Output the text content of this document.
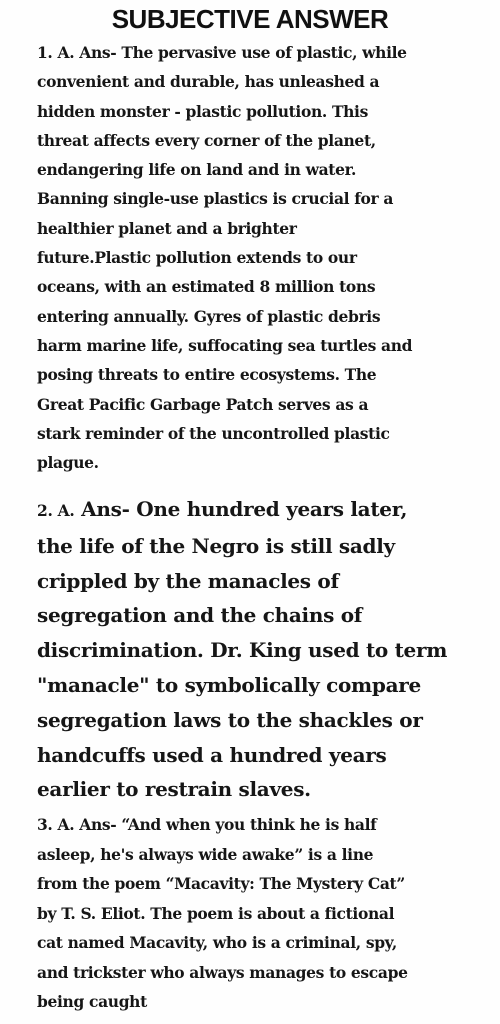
SUBJECTIVE ANSWER
1. A. Ans- The pervasive use of plastic, while
convenient and durable, has unleashed a
hidden monster - plastic pollution. This
threat affects every corner of the planet,
endangering life on land and in water.
Banning single-use plastics is crucial for a
healthier planet and a brighter
future.Plastic pollution extends to our
oceans, with an estimated 8 million tons
entering annually. Gyres of plastic debris
harm marine life, suffocating sea turtles and
posing threats to entire ecosystems. The
Great Pacific Garbage Patch serves as a
stark reminder of the uncontrolled plastic
plague.
2. A. Ans- One hundred years later,
the life of the Negro is still sadly
crippled by the manacles of
segregation and the chains of
discrimination. Dr. King used to term
"manacle" to symbolically compare
segregation laws to the shackles or
handcuffs used a hundred years
earlier to restrain slaves.
3. A. Ans- “And when you think he is half
asleep, he's always wide awake” is a line
from the poem “Macavity: The Mystery Cat”
by T. S. Eliot. The poem is about a fictional
cat named Macavity, who is a criminal, spy,
and trickster who always manages to escape
being caught
